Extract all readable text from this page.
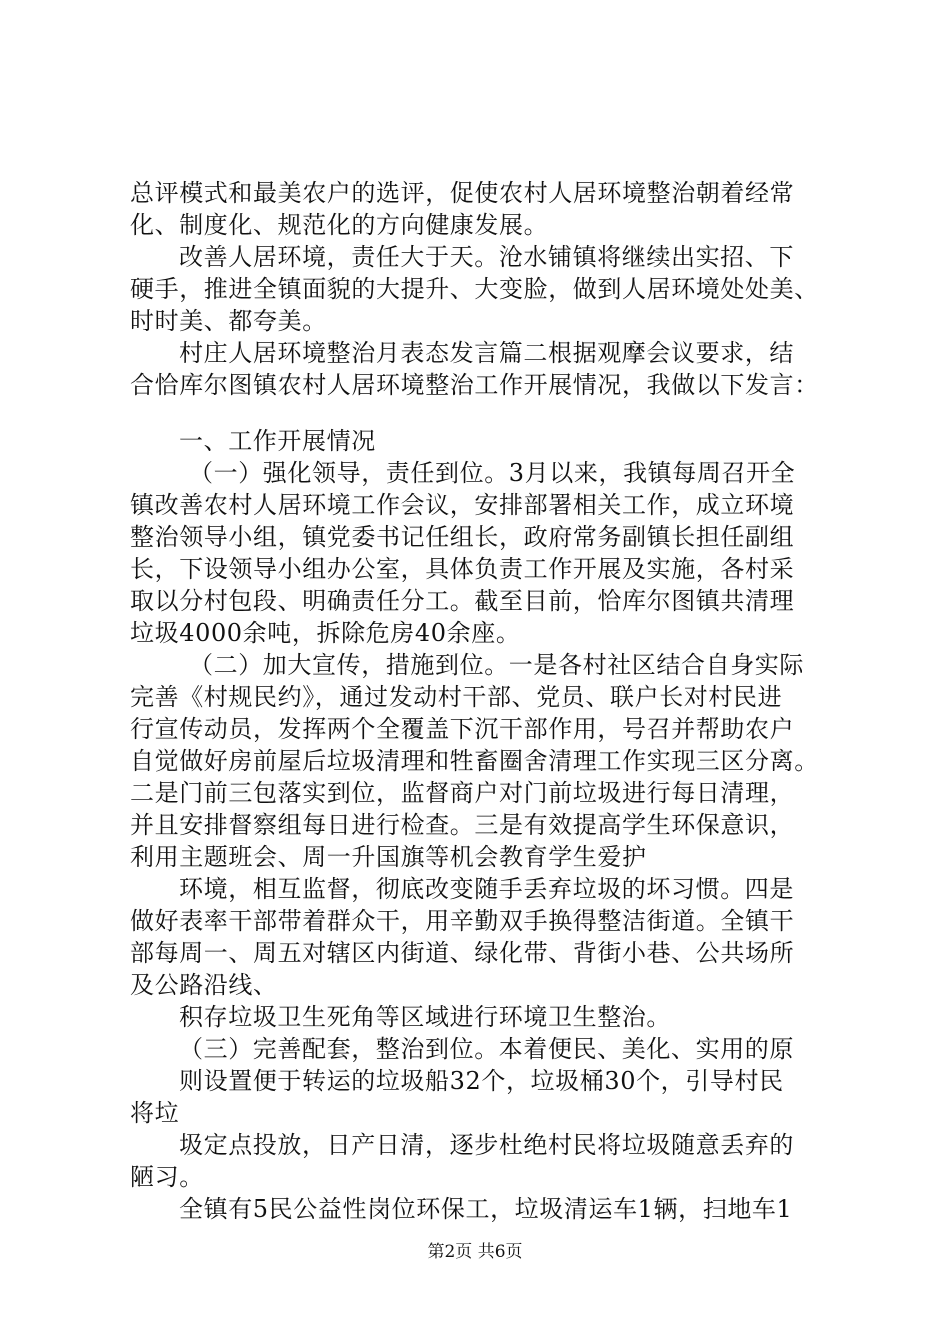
总评模式和最美农户的选评，促使农村人居环境整治朝着经常
化、制度化、规范化的方向健康发展。
改善人居环境，责任大于天。沧水铺镇将继续出实招、下
硬手，推进全镇面貌的大提升、大变脸，做到人居环境处处美、
时时美、都夸美。
村庄人居环境整治月表态发言篇二根据观摩会议要求，结
合恰库尔图镇农村人居环境整治工作开展情况，我做以下发言：
一、工作开展情况
（一）强化领导，责任到位。3月以来，我镇每周召开全
镇改善农村人居环境工作会议，安排部署相关工作，成立环境
整治领导小组，镇党委书记任组长，政府常务副镇长担任副组
长，下设领导小组办公室，具体负责工作开展及实施，各村采
取以分村包段、明确责任分工。截至目前，恰库尔图镇共清理
垃圾4000余吨，拆除危房40余座。
（二）加大宣传，措施到位。一是各村社区结合自身实际
完善《村规民约》，通过发动村干部、党员、联户长对村民进
行宣传动员，发挥两个全覆盖下沉干部作用，号召并帮助农户
自觉做好房前屋后垃圾清理和牲畜圈舍清理工作实现三区分离。
二是门前三包落实到位，监督商户对门前垃圾进行每日清理，
并且安排督察组每日进行检查。三是有效提高学生环保意识，
利用主题班会、周一升国旗等机会教育学生爱护
环境，相互监督，彻底改变随手丢弃垃圾的坏习惯。四是
做好表率干部带着群众干，用辛勤双手换得整洁街道。全镇干
部每周一、周五对辖区内街道、绿化带、背街小巷、公共场所
及公路沿线、
积存垃圾卫生死角等区域进行环境卫生整治。
（三）完善配套，整治到位。本着便民、美化、实用的原
则设置便于转运的垃圾船32个，垃圾桶30个，引导村民
将垃
圾定点投放，日产日清，逐步杜绝村民将垃圾随意丢弃的
陋习。
全镇有5民公益性岗位环保工，垃圾清运车1辆，扫地车1
第2页 共6页
